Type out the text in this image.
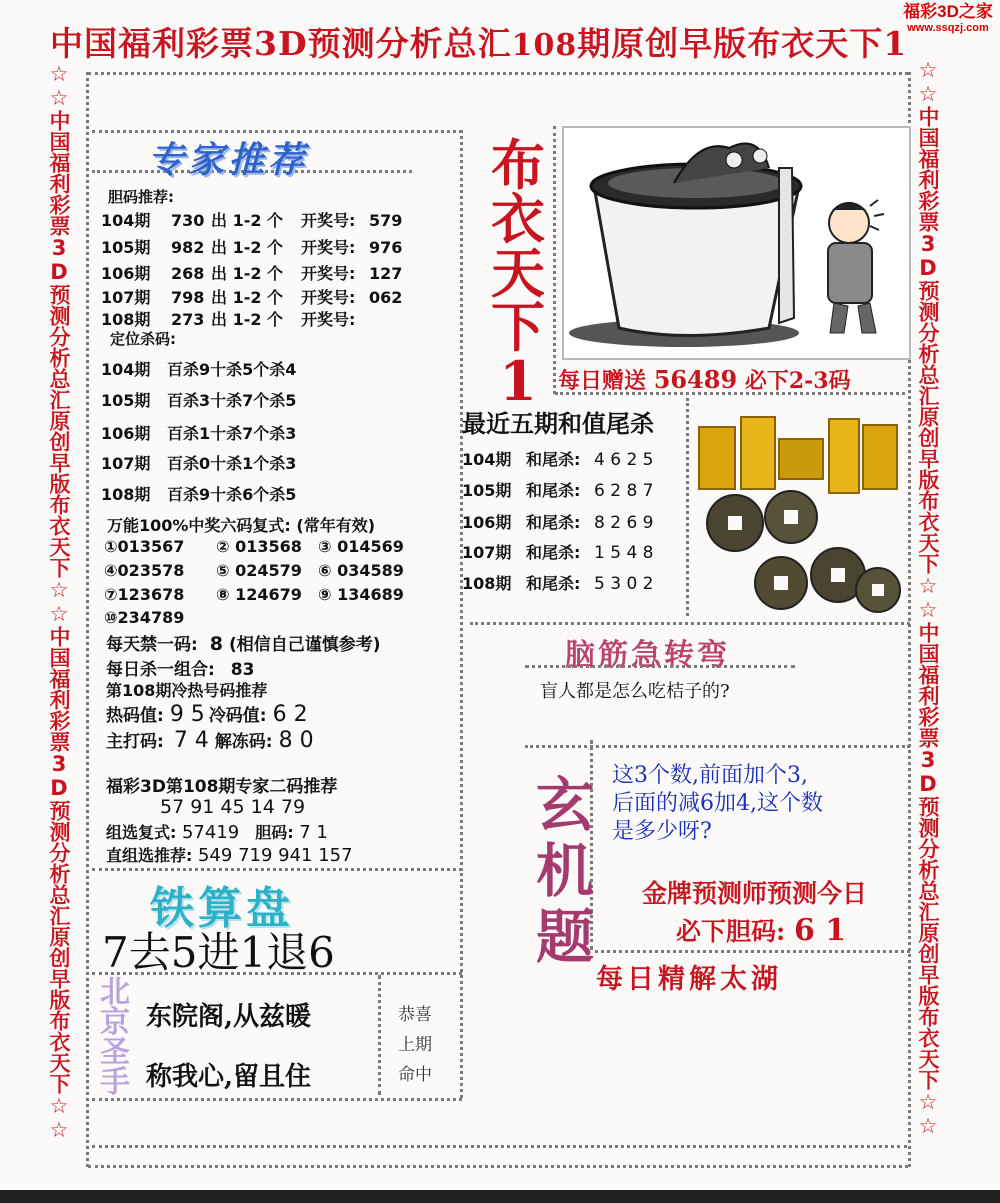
中国福利彩票3D预测分析总汇108期原创早版布衣天下1
福彩3D之家
www.ssqzj.com
☆☆中国福利彩票3D预测分析总汇原创早版布衣天下☆☆中国福利彩票3D预测分析总汇原创早版布衣天下☆☆	☆☆中国福利彩票3D预测分析总汇原创早版布衣天下☆☆中国福利彩票3D预测分析总汇原创早版布衣天下☆☆
专家推荐
胆码推荐:
104期 730 出 1-2 个 开奖号: 579
105期 982 出 1-2 个 开奖号: 976
106期 268 出 1-2 个 开奖号: 127
107期 798 出 1-2 个 开奖号: 062
108期 273 出 1-2 个 开奖号:
定位杀码:
104期 百杀9十杀5个杀4
105期 百杀3十杀7个杀5
106期 百杀1十杀7个杀3
107期 百杀0十杀1个杀3
108期 百杀9十杀6个杀5
万能100%中奖六码复式: (常年有效)
①013567 ② 013568 ③ 014569
④023578 ⑤ 024579 ⑥ 034589
⑦123678 ⑧ 124679 ⑨ 134689
⑩234789
每天禁一码: 8 (相信自己谨慎参考)
每日杀一组合: 83
第108期冷热号码推荐
热码值: 9 5 冷码值: 6 2
主打码: 7 4 解冻码: 8 0
福彩3D第108期专家二码推荐
57 91 45 14 79
组选复式: 57419 胆码: 7 1
直组选推荐: 549 719 941 157
布衣天下1 每日赠送 56489 必下2-3码
最近五期和值尾杀
104期 和尾杀: 4 6 2 5
105期 和尾杀: 6 2 8 7
106期 和尾杀: 8 2 6 9
107期 和尾杀: 1 5 4 8
108期 和尾杀: 5 3 0 2
脑筋急转弯
盲人都是怎么吃桔子的?
玄机题
这3个数,前面加个3,
后面的减6加4,这个数
是多少呀?
金牌预测师预测今日
必下胆码: 6 1
每日精解太湖
铁算盘
7去5进1退6
北京圣手
东院阁,从兹暖
称我心,留且住
恭喜
上期
命中
